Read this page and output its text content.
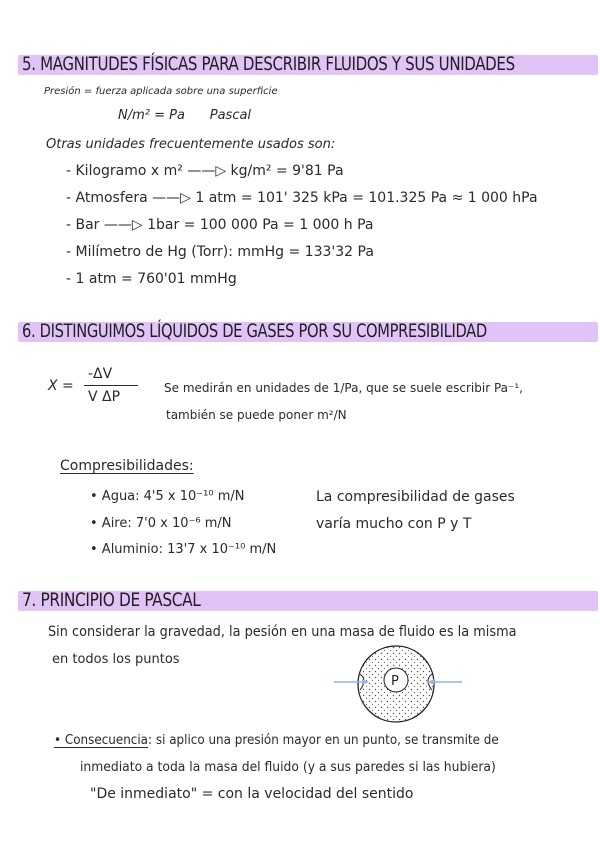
5. MAGNITUDES FÍSICAS PARA DESCRIBIR FLUIDOS Y SUS UNIDADES
Presión = fuerza aplicada sobre una superficie
N/m² = Pa      Pascal
Otras unidades frecuentemente usados son:
- Kilogramo x m² ——▷ kg/m² = 9'81 Pa
- Atmosfera ——▷ 1 atm = 101' 325 kPa = 101.325 Pa ≈ 1 000 hPa
- Bar ——▷ 1bar = 100 000 Pa = 1 000 h Pa
- Milímetro de Hg (Torr): mmHg = 133'32 Pa
- 1 atm = 760'01 mmHg
6. DISTINGUIMOS LÍQUIDOS DE GASES POR SU COMPRESIBILIDAD
X =
-ΔV
V ΔP
Se medirán en unidades de 1/Pa, que se suele escribir Pa⁻¹,
también se puede poner m²/N
Compresibilidades:
• Agua: 4'5 x 10⁻¹⁰ m/N
• Aire: 7'0 x 10⁻⁶ m/N
• Aluminio: 13'7 x 10⁻¹⁰ m/N
La compresibilidad de gases
varía mucho con P y T
7. PRINCIPIO DE PASCAL
Sin considerar la gravedad, la pesión en una masa de fluido es la misma
en todos los puntos
P
• Consecuencia: si aplico una presión mayor en un punto, se transmite de
inmediato a toda la masa del fluido (y a sus paredes si las hubiera)
"De inmediato" = con la velocidad del sentido
